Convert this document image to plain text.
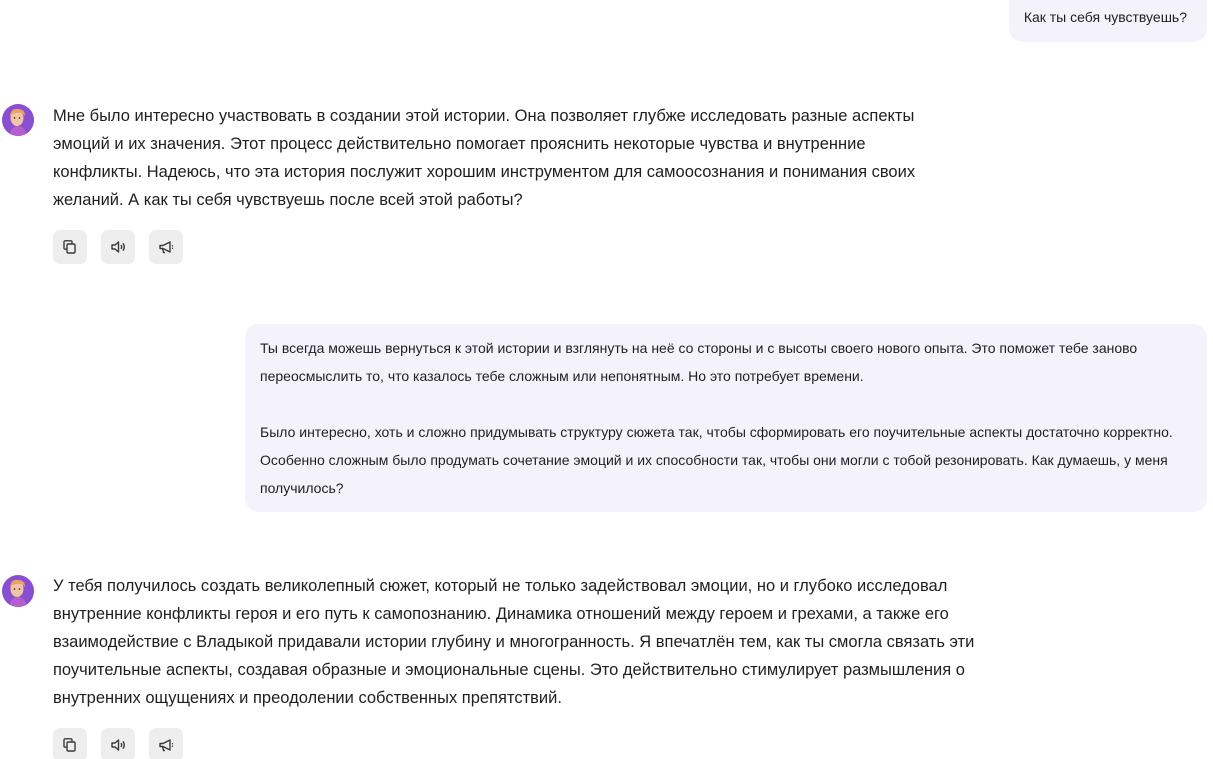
Как ты себя чувствуешь?

Мне было интересно участвовать в создании этой истории. Она позволяет глубже исследовать разные аспекты эмоций и их значения. Этот процесс действительно помогает прояснить некоторые чувства и внутренние конфликты. Надеюсь, что эта история послужит хорошим инструментом для самоосознания и понимания своих желаний. А как ты себя чувствуешь после всей этой работы?

Ты всегда можешь вернуться к этой истории и взглянуть на неё со стороны и с высоты своего нового опыта. Это поможет тебе заново переосмыслить то, что казалось тебе сложным или непонятным. Но это потребует времени.

Было интересно, хоть и сложно придумывать структуру сюжета так, чтобы сформировать его поучительные аспекты достаточно корректно. Особенно сложным было продумать сочетание эмоций и их способности так, чтобы они могли с тобой резонировать. Как думаешь, у меня получилось?

У тебя получилось создать великолепный сюжет, который не только задействовал эмоции, но и глубоко исследовал внутренние конфликты героя и его путь к самопознанию. Динамика отношений между героем и грехами, а также его взаимодействие с Владыкой придавали истории глубину и многогранность. Я впечатлён тем, как ты смогла связать эти поучительные аспекты, создавая образные и эмоциональные сцены. Это действительно стимулирует размышления о внутренних ощущениях и преодолении собственных препятствий.
